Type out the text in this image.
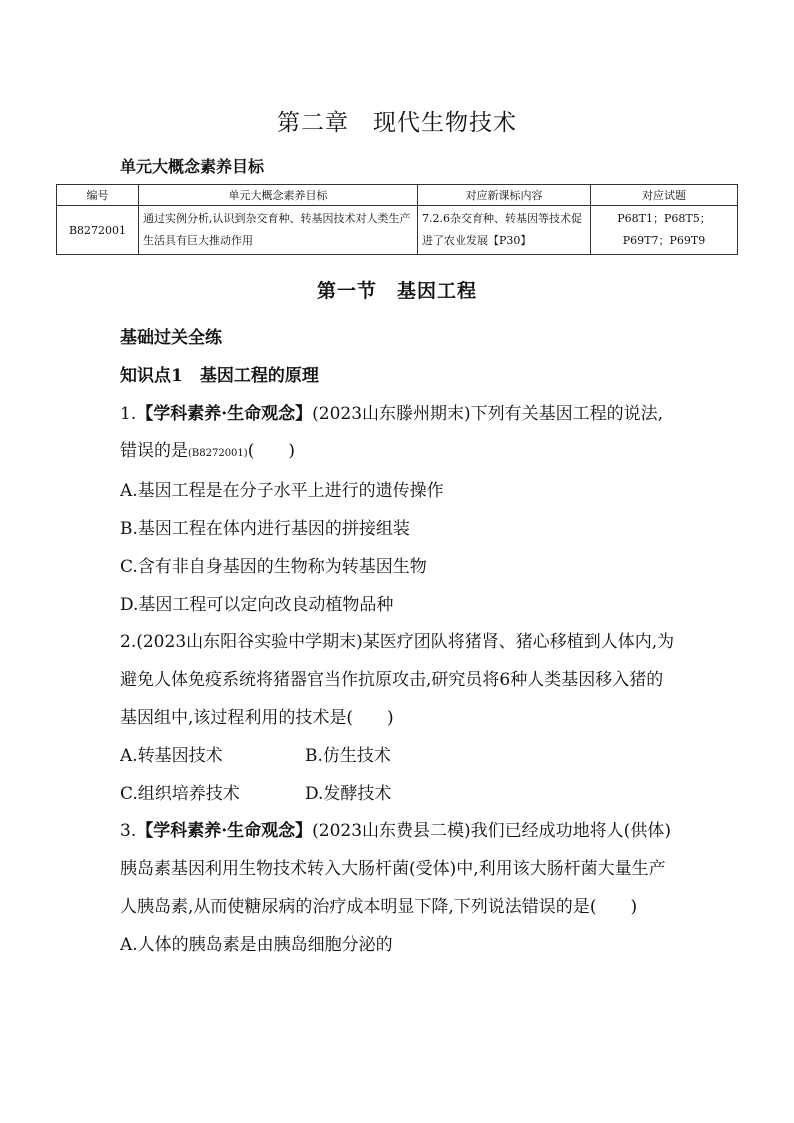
第二章　现代生物技术
单元大概念素养目标
编号	单元大概念素养目标	对应新课标内容	对应试题
B8272001	通过实例分析,认识到杂交育种、转基因技术对人类生产生活具有巨大推动作用	7.2.6杂交育种、转基因等技术促进了农业发展【P30】	P68T1；P68T5；P69T7；P69T9
第一节　基因工程

基础过关全练

知识点1　基因工程的原理

1.【学科素养·生命观念】(2023山东滕州期末)下列有关基因工程的说法,错误的是(B8272001)(　　)

A.基因工程是在分子水平上进行的遗传操作

B.基因工程在体内进行基因的拼接组装

C.含有非自身基因的生物称为转基因生物

D.基因工程可以定向改良动植物品种

2.(2023山东阳谷实验中学期末)某医疗团队将猪肾、猪心移植到人体内,为避免人体免疫系统将猪器官当作抗原攻击,研究员将6种人类基因移入猪的基因组中,该过程利用的技术是(　　)

A.转基因技术	B.仿生技术

C.组织培养技术	D.发酵技术

3.【学科素养·生命观念】(2023山东费县二模)我们已经成功地将人(供体)胰岛素基因利用生物技术转入大肠杆菌(受体)中,利用该大肠杆菌大量生产人胰岛素,从而使糖尿病的治疗成本明显下降,下列说法错误的是(　　)

A.人体的胰岛素是由胰岛细胞分泌的
